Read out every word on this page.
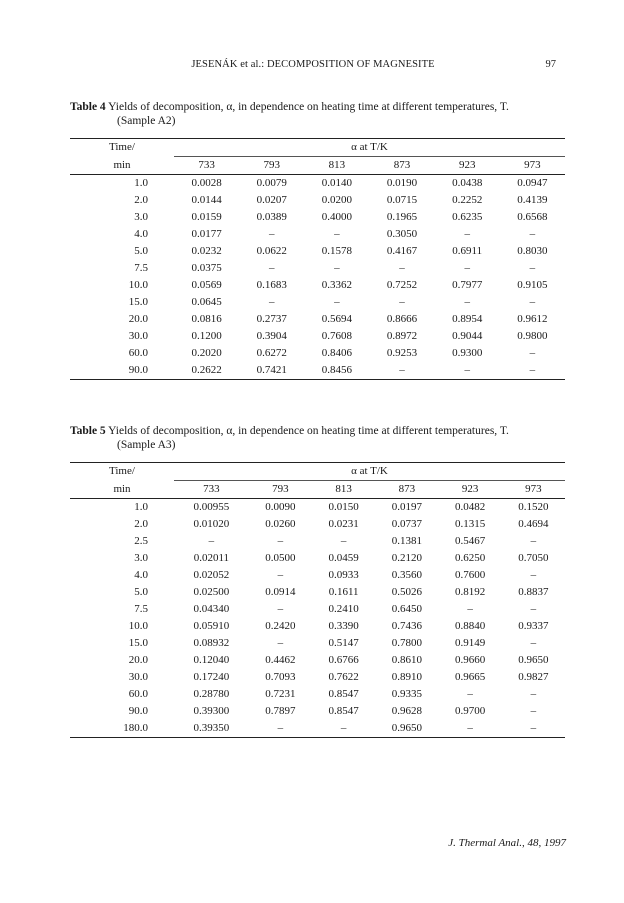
JESENÁK et al.: DECOMPOSITION OF MAGNESITE	97
Table 4 Yields of decomposition, α, in dependence on heating time at different temperatures, T.
(Sample A2)
Time/	α at T/K					
min	733	793	813	873	923	973
1.0	0.0028	0.0079	0.0140	0.0190	0.0438	0.0947
2.0	0.0144	0.0207	0.0200	0.0715	0.2252	0.4139
3.0	0.0159	0.0389	0.4000	0.1965	0.6235	0.6568
4.0	0.0177	–	–	0.3050	–	–
5.0	0.0232	0.0622	0.1578	0.4167	0.6911	0.8030
7.5	0.0375	–	–	–	–	–
10.0	0.0569	0.1683	0.3362	0.7252	0.7977	0.9105
15.0	0.0645	–	–	–	–	–
20.0	0.0816	0.2737	0.5694	0.8666	0.8954	0.9612
30.0	0.1200	0.3904	0.7608	0.8972	0.9044	0.9800
60.0	0.2020	0.6272	0.8406	0.9253	0.9300	–
90.0	0.2622	0.7421	0.8456	–	–	–
Table 5 Yields of decomposition, α, in dependence on heating time at different temperatures, T.
(Sample A3)
Time/	α at T/K					
min	733	793	813	873	923	973
1.0	0.00955	0.0090	0.0150	0.0197	0.0482	0.1520
2.0	0.01020	0.0260	0.0231	0.0737	0.1315	0.4694
2.5	–	–	–	0.1381	0.5467	–
3.0	0.02011	0.0500	0.0459	0.2120	0.6250	0.7050
4.0	0.02052	–	0.0933	0.3560	0.7600	–
5.0	0.02500	0.0914	0.1611	0.5026	0.8192	0.8837
7.5	0.04340	–	0.2410	0.6450	–	–
10.0	0.05910	0.2420	0.3390	0.7436	0.8840	0.9337
15.0	0.08932	–	0.5147	0.7800	0.9149	–
20.0	0.12040	0.4462	0.6766	0.8610	0.9660	0.9650
30.0	0.17240	0.7093	0.7622	0.8910	0.9665	0.9827
60.0	0.28780	0.7231	0.8547	0.9335	–	–
90.0	0.39300	0.7897	0.8547	0.9628	0.9700	–
180.0	0.39350	–	–	0.9650	–	–
J. Thermal Anal., 48, 1997
